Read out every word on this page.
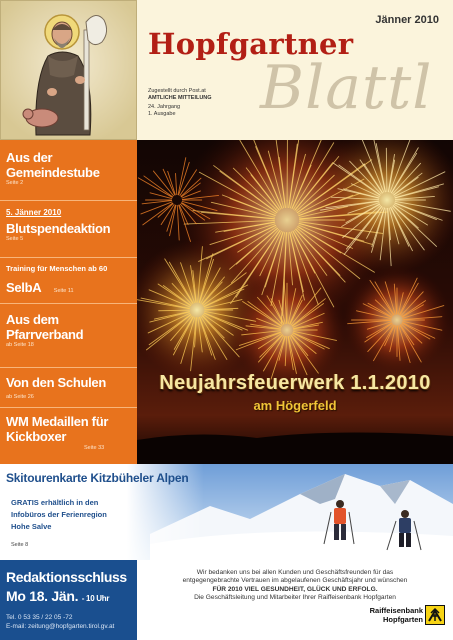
Jänner 2010
Blattl
Hopfgartner
Zugestellt durch Post.at
AMTLICHE MITTEILUNG
24. Jahrgang
1. Ausgabe
Aus der Gemeindestube
Seite 2
5. Jänner 2010
Blutspendeaktion
Seite 5
Training für Menschen ab 60
SelbA Seite 11
Aus dem Pfarrverband
ab Seite 18
Von den Schulen
ab Seite 26
WM Medaillen für Kickboxer
Seite 33
Neujahrsfeuerwerk 1.1.2010
am Högerfeld
Skitourenkarte Kitzbüheler Alpen
GRATIS erhältlich in den
Infobüros der Ferienregion
Hohe Salve
Seite 8
Redaktionsschluss
Mo 18. Jän. - 10 Uhr
Tel. 0 53 35 / 22 05 -72
E-mail: zeitung@hopfgarten.tirol.gv.at
Wir bedanken uns bei allen Kunden und Geschäftsfreunden für das
entgegengebrachte Vertrauen im abgelaufenen Geschäftsjahr und wünschen
FÜR 2010 VIEL GESUNDHEIT, GLÜCK UND ERFOLG.
Die Geschäftsleitung und Mitarbeiter Ihrer Raiffeisenbank Hopfgarten
Raiffeisenbank
Hopfgarten
